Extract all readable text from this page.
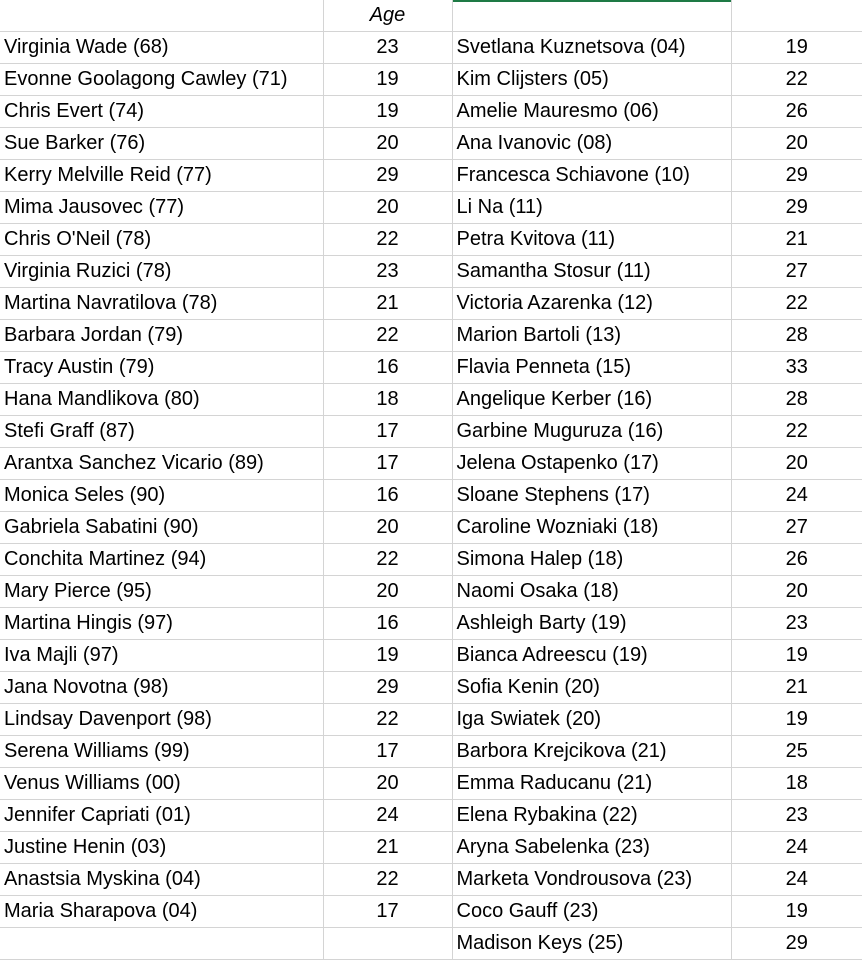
	Age		
Virginia Wade (68)	23	Svetlana Kuznetsova (04)	19
Evonne Goolagong Cawley (71)	19	Kim Clijsters (05)	22
Chris Evert (74)	19	Amelie Mauresmo (06)	26
Sue Barker (76)	20	Ana Ivanovic (08)	20
Kerry Melville Reid (77)	29	Francesca Schiavone (10)	29
Mima Jausovec (77)	20	Li Na (11)	29
Chris O'Neil (78)	22	Petra Kvitova (11)	21
Virginia Ruzici (78)	23	Samantha Stosur (11)	27
Martina Navratilova (78)	21	Victoria Azarenka (12)	22
Barbara Jordan (79)	22	Marion Bartoli (13)	28
Tracy Austin (79)	16	Flavia Penneta (15)	33
Hana Mandlikova (80)	18	Angelique Kerber (16)	28
Stefi Graff (87)	17	Garbine Muguruza (16)	22
Arantxa Sanchez Vicario (89)	17	Jelena Ostapenko (17)	20
Monica Seles (90)	16	Sloane Stephens (17)	24
Gabriela Sabatini (90)	20	Caroline Wozniaki (18)	27
Conchita Martinez (94)	22	Simona Halep (18)	26
Mary Pierce (95)	20	Naomi Osaka (18)	20
Martina Hingis (97)	16	Ashleigh Barty (19)	23
Iva Majli (97)	19	Bianca Adreescu (19)	19
Jana Novotna (98)	29	Sofia Kenin (20)	21
Lindsay Davenport (98)	22	Iga Swiatek (20)	19
Serena Williams (99)	17	Barbora Krejcikova (21)	25
Venus Williams (00)	20	Emma Raducanu (21)	18
Jennifer Capriati (01)	24	Elena Rybakina (22)	23
Justine Henin (03)	21	Aryna Sabelenka (23)	24
Anastsia Myskina (04)	22	Marketa Vondrousova (23)	24
Maria Sharapova (04)	17	Coco Gauff (23)	19
		Madison Keys (25)	29
